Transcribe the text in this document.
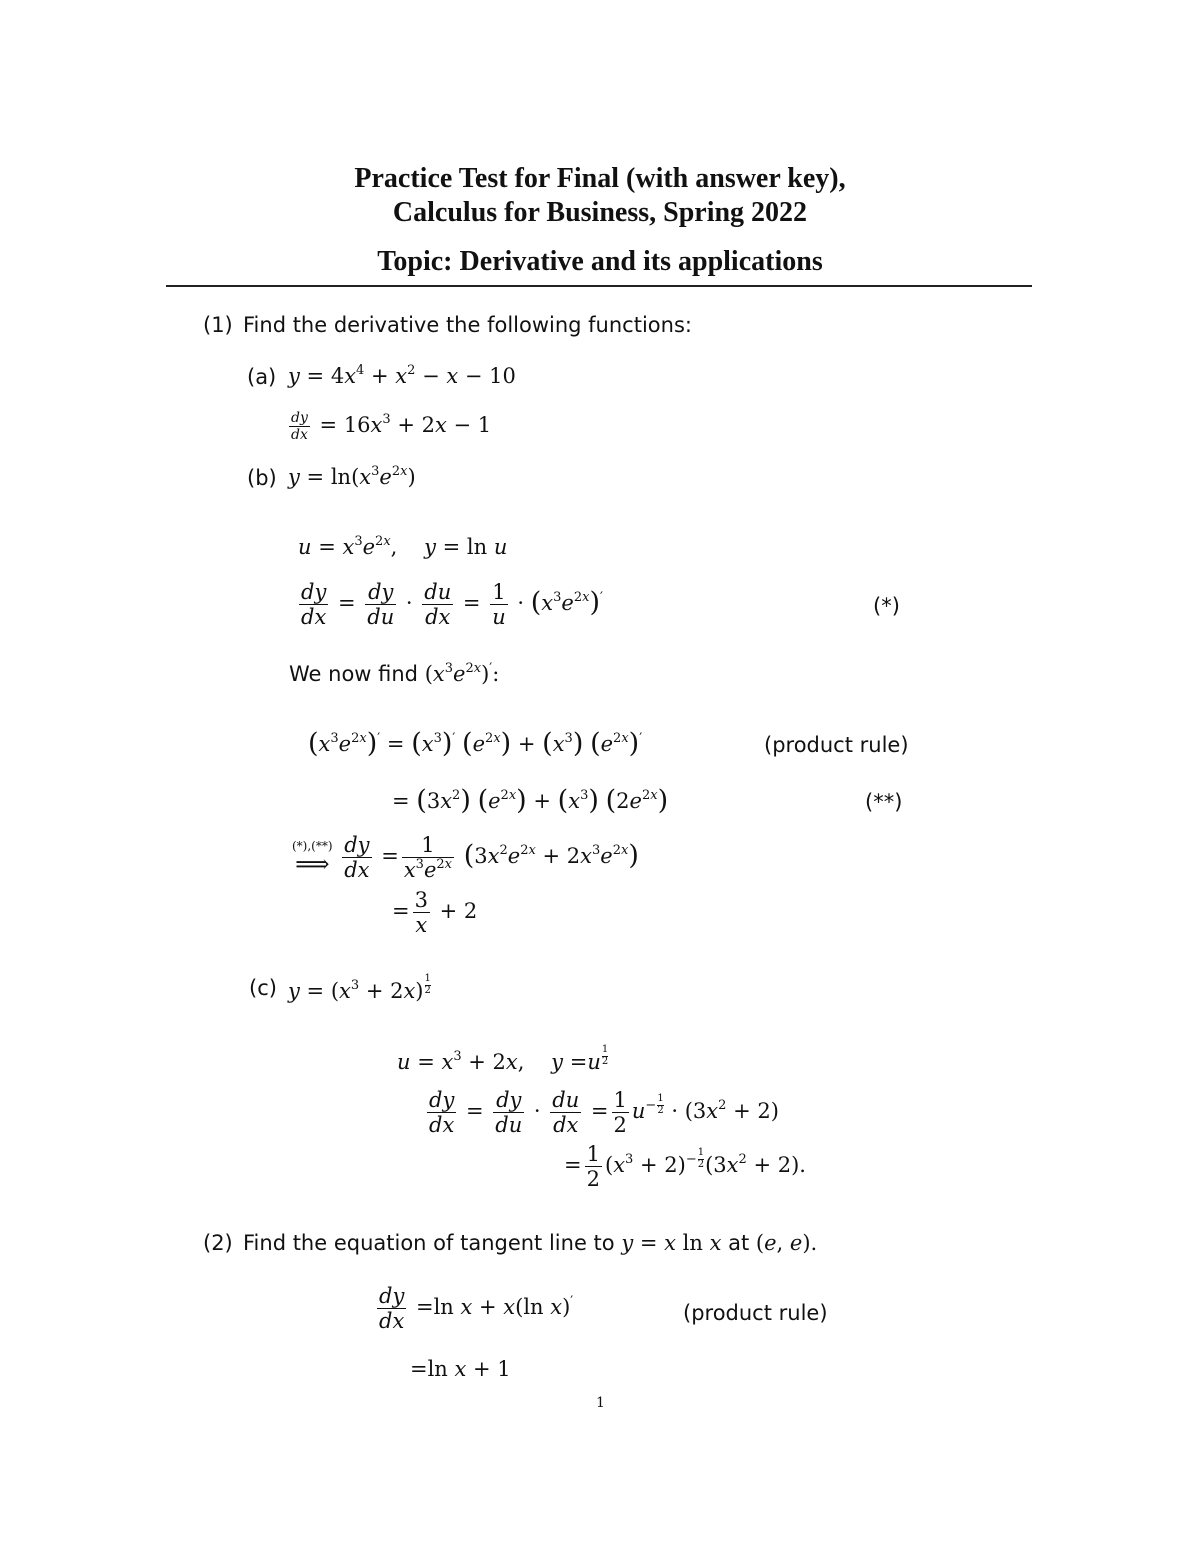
Practice Test for Final (with answer key),
Calculus for Business, Spring 2022
Topic: Derivative and its applications
(1) Find the derivative the following functions:
(a) $y = 4x^4 + x^2 - x - 10$
$\frac{dy}{dx} = 16x^3 + 2x - 1$
(b) $y = \ln(x^3e^{2x})$
$u = x^3e^{2x}$,    y = ln u
$\frac{dy}{dx} = \frac{dy}{du} \cdot \frac{du}{dx} = \frac{1}{u} \cdot (x^3e^{2x})'$	(*)
We now find $(x^3e^{2x})'$:
$(x^3e^{2x})' = (x^3)'$ $(e^{2x}) + (x^3)$ $(e^{2x})'$	(product rule)
= $(3x^2) (e^{2x}) + (x^3)$ $(2e^{2x})$	(**)
(*),(**)
⟹
$\frac{dy}{dx} = \frac{1}{x^3e^{2x}} (3x^2e^{2x} + 2x^3e^{2x})$
= $\frac{3}{x} + 2$
(c) $y = (x^3 + 2x) \frac{1}{2}$
$u = x^3 + 2x$,    $y =u \frac{1}{2}$
$\frac{dy}{dx} = \frac{dy}{du} \cdot \frac{du}{dx} = \frac{1}{2} u^- \frac{1}{2} \cdot (3x^2 + 2)$
= $\frac{1}{2} (x^3 + 2)^- \frac{1}{2} (3x^2 + 2)$.
(2) Find the equation of tangent line to y = x ln x at (e, e).
$\frac{dy}{dx} =\ln$ x + x(ln x)′	(product rule)
=ln x + 1
1
